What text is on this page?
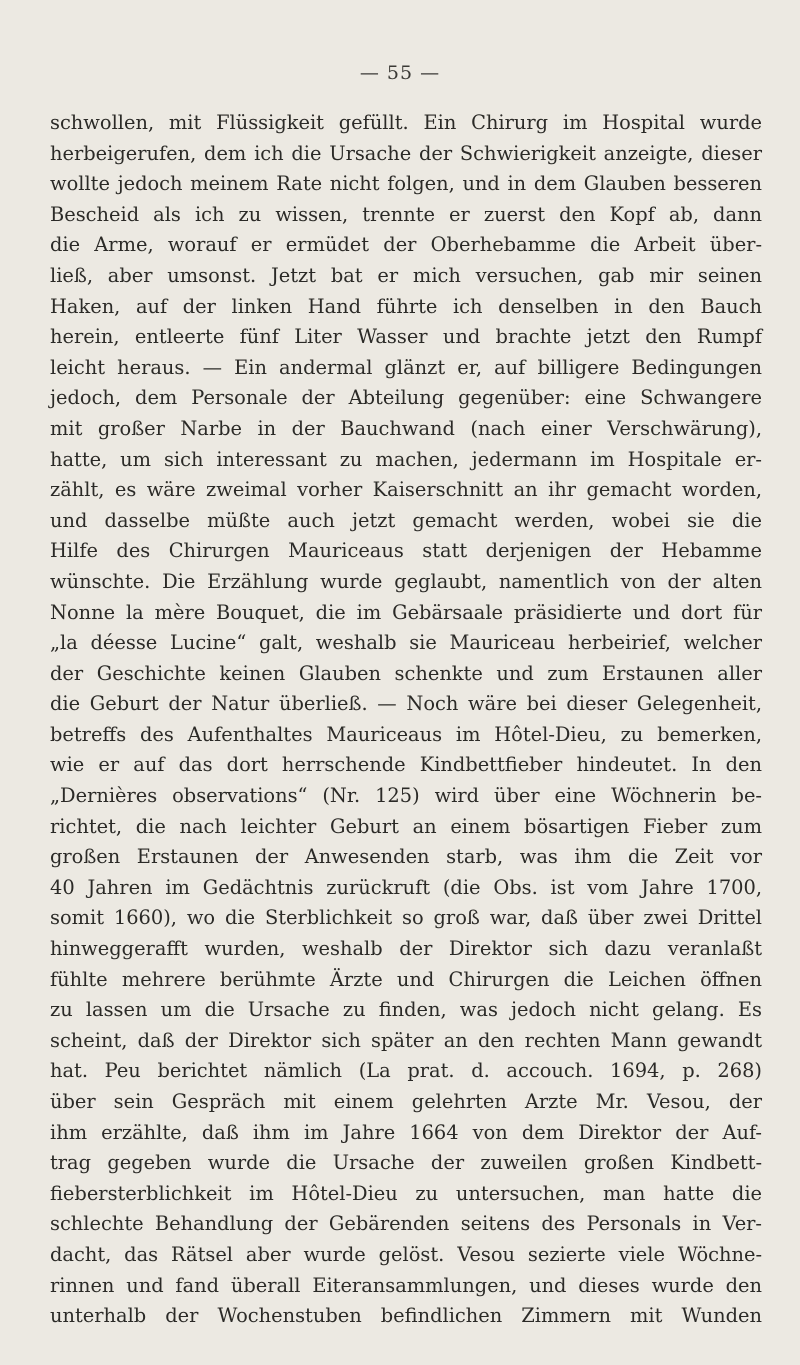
— 55 —
schwollen, mit Flüssigkeit gefüllt. Ein Chirurg im Hospital wurde
herbeigerufen, dem ich die Ursache der Schwierigkeit anzeigte, dieser
wollte jedoch meinem Rate nicht folgen, und in dem Glauben besseren
Bescheid als ich zu wissen, trennte er zuerst den Kopf ab, dann
die Arme, worauf er ermüdet der Oberhebamme die Arbeit über-
ließ, aber umsonst. Jetzt bat er mich versuchen, gab mir seinen
Haken, auf der linken Hand führte ich denselben in den Bauch
herein, entleerte fünf Liter Wasser und brachte jetzt den Rumpf
leicht heraus. — Ein andermal glänzt er, auf billigere Bedingungen
jedoch, dem Personale der Abteilung gegenüber: eine Schwangere
mit großer Narbe in der Bauchwand (nach einer Verschwärung),
hatte, um sich interessant zu machen, jedermann im Hospitale er-
zählt, es wäre zweimal vorher Kaiserschnitt an ihr gemacht worden,
und dasselbe müßte auch jetzt gemacht werden, wobei sie die
Hilfe des Chirurgen Mauriceaus statt derjenigen der Hebamme
wünschte. Die Erzählung wurde geglaubt, namentlich von der alten
Nonne la mère Bouquet, die im Gebärsaale präsidierte und dort für
„la déesse Lucine“ galt, weshalb sie Mauriceau herbeirief, welcher
der Geschichte keinen Glauben schenkte und zum Erstaunen aller
die Geburt der Natur überließ. — Noch wäre bei dieser Gelegenheit,
betreffs des Aufenthaltes Mauriceaus im Hôtel-Dieu, zu bemerken,
wie er auf das dort herrschende Kindbettfieber hindeutet. In den
„Dernières observations“ (Nr. 125) wird über eine Wöchnerin be-
richtet, die nach leichter Geburt an einem bösartigen Fieber zum
großen Erstaunen der Anwesenden starb, was ihm die Zeit vor
40 Jahren im Gedächtnis zurückruft (die Obs. ist vom Jahre 1700,
somit 1660), wo die Sterblichkeit so groß war, daß über zwei Drittel
hinweggerafft wurden, weshalb der Direktor sich dazu veranlaßt
fühlte mehrere berühmte Ärzte und Chirurgen die Leichen öffnen
zu lassen um die Ursache zu finden, was jedoch nicht gelang. Es
scheint, daß der Direktor sich später an den rechten Mann gewandt
hat. Peu berichtet nämlich (La prat. d. accouch. 1694, p. 268)
über sein Gespräch mit einem gelehrten Arzte Mr. Vesou, der
ihm erzählte, daß ihm im Jahre 1664 von dem Direktor der Auf-
trag gegeben wurde die Ursache der zuweilen großen Kindbett-
fiebersterblichkeit im Hôtel-Dieu zu untersuchen, man hatte die
schlechte Behandlung der Gebärenden seitens des Personals in Ver-
dacht, das Rätsel aber wurde gelöst. Vesou sezierte viele Wöchne-
rinnen und fand überall Eiteransammlungen, und dieses wurde den
unterhalb der Wochenstuben befindlichen Zimmern mit Wunden
